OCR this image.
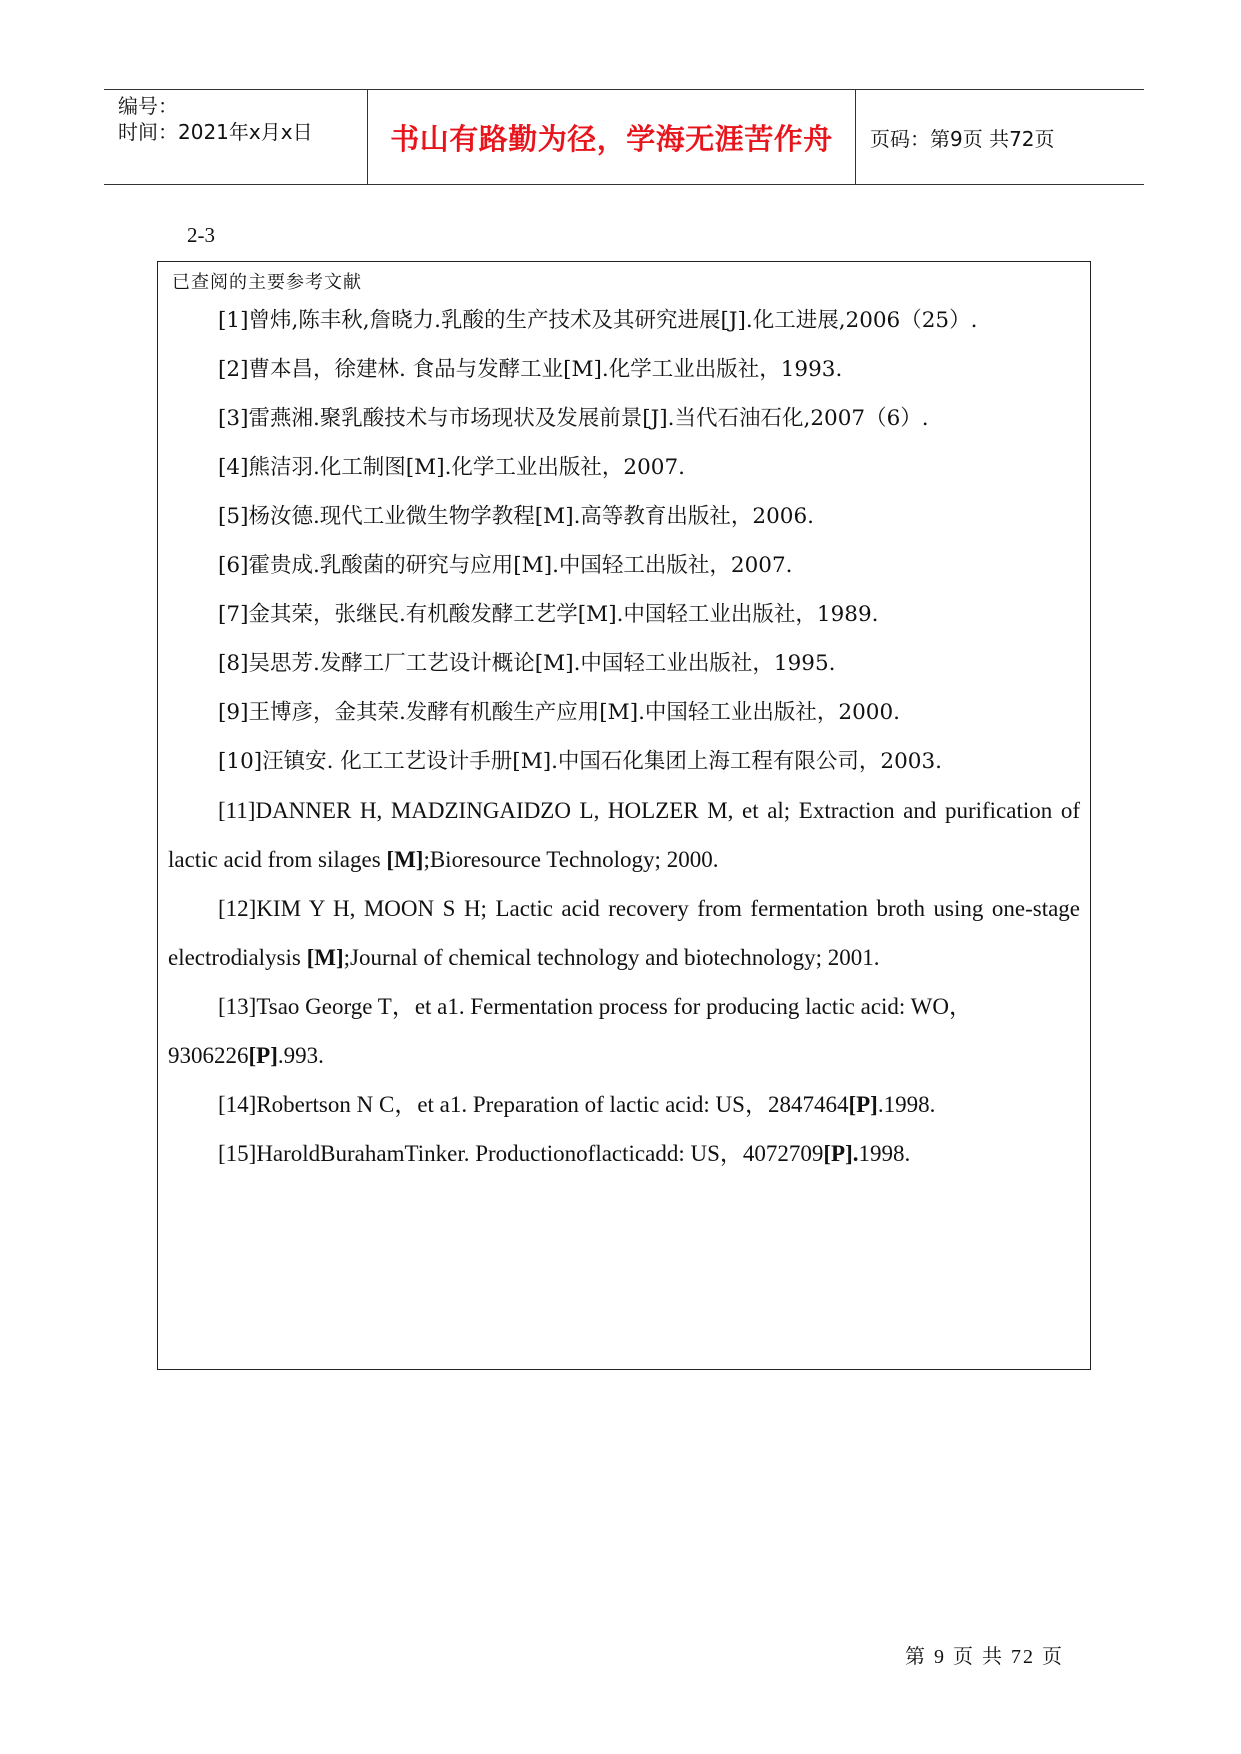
编号：
时间：2021年x月x日	书山有路勤为径，学海无涯苦作舟	页码：第9页 共72页
2-3
已查阅的主要参考文献

[1]曾炜,陈丰秋,詹晓力.乳酸的生产技术及其研究进展[J].化工进展,2006（25）.

[2]曹本昌，徐建林. 食品与发酵工业[M].化学工业出版社，1993.

[3]雷燕湘.聚乳酸技术与市场现状及发展前景[J].当代石油石化,2007（6）.

[4]熊洁羽.化工制图[M].化学工业出版社，2007.

[5]杨汝德.现代工业微生物学教程[M].高等教育出版社，2006.

[6]霍贵成.乳酸菌的研究与应用[M].中国轻工出版社，2007.

[7]金其荣，张继民.有机酸发酵工艺学[M].中国轻工业出版社，1989.

[8]吴思芳.发酵工厂工艺设计概论[M].中国轻工业出版社，1995.

[9]王博彦，金其荣.发酵有机酸生产应用[M].中国轻工业出版社，2000.

[10]汪镇安. 化工工艺设计手册[M].中国石化集团上海工程有限公司，2003.

[11]DANNER H, MADZINGAIDZO L, HOLZER M, et al; Extraction and purification of lactic acid from silages [M];Bioresource Technology; 2000.

[12]KIM Y H, MOON S H; Lactic acid recovery from fermentation broth using one-stage electrodialysis [M];Journal of chemical technology and biotechnology; 2001.

[13]Tsao George T，et a1. Fermentation process for producing lactic acid: WO，9306226[P].993.

[14]Robertson N C，et a1. Preparation of lactic acid: US，2847464[P].1998.

[15]HaroldBurahamTinker. Productionoflacticadd: US，4072709[P].1998.

第 9 页 共 72 页
